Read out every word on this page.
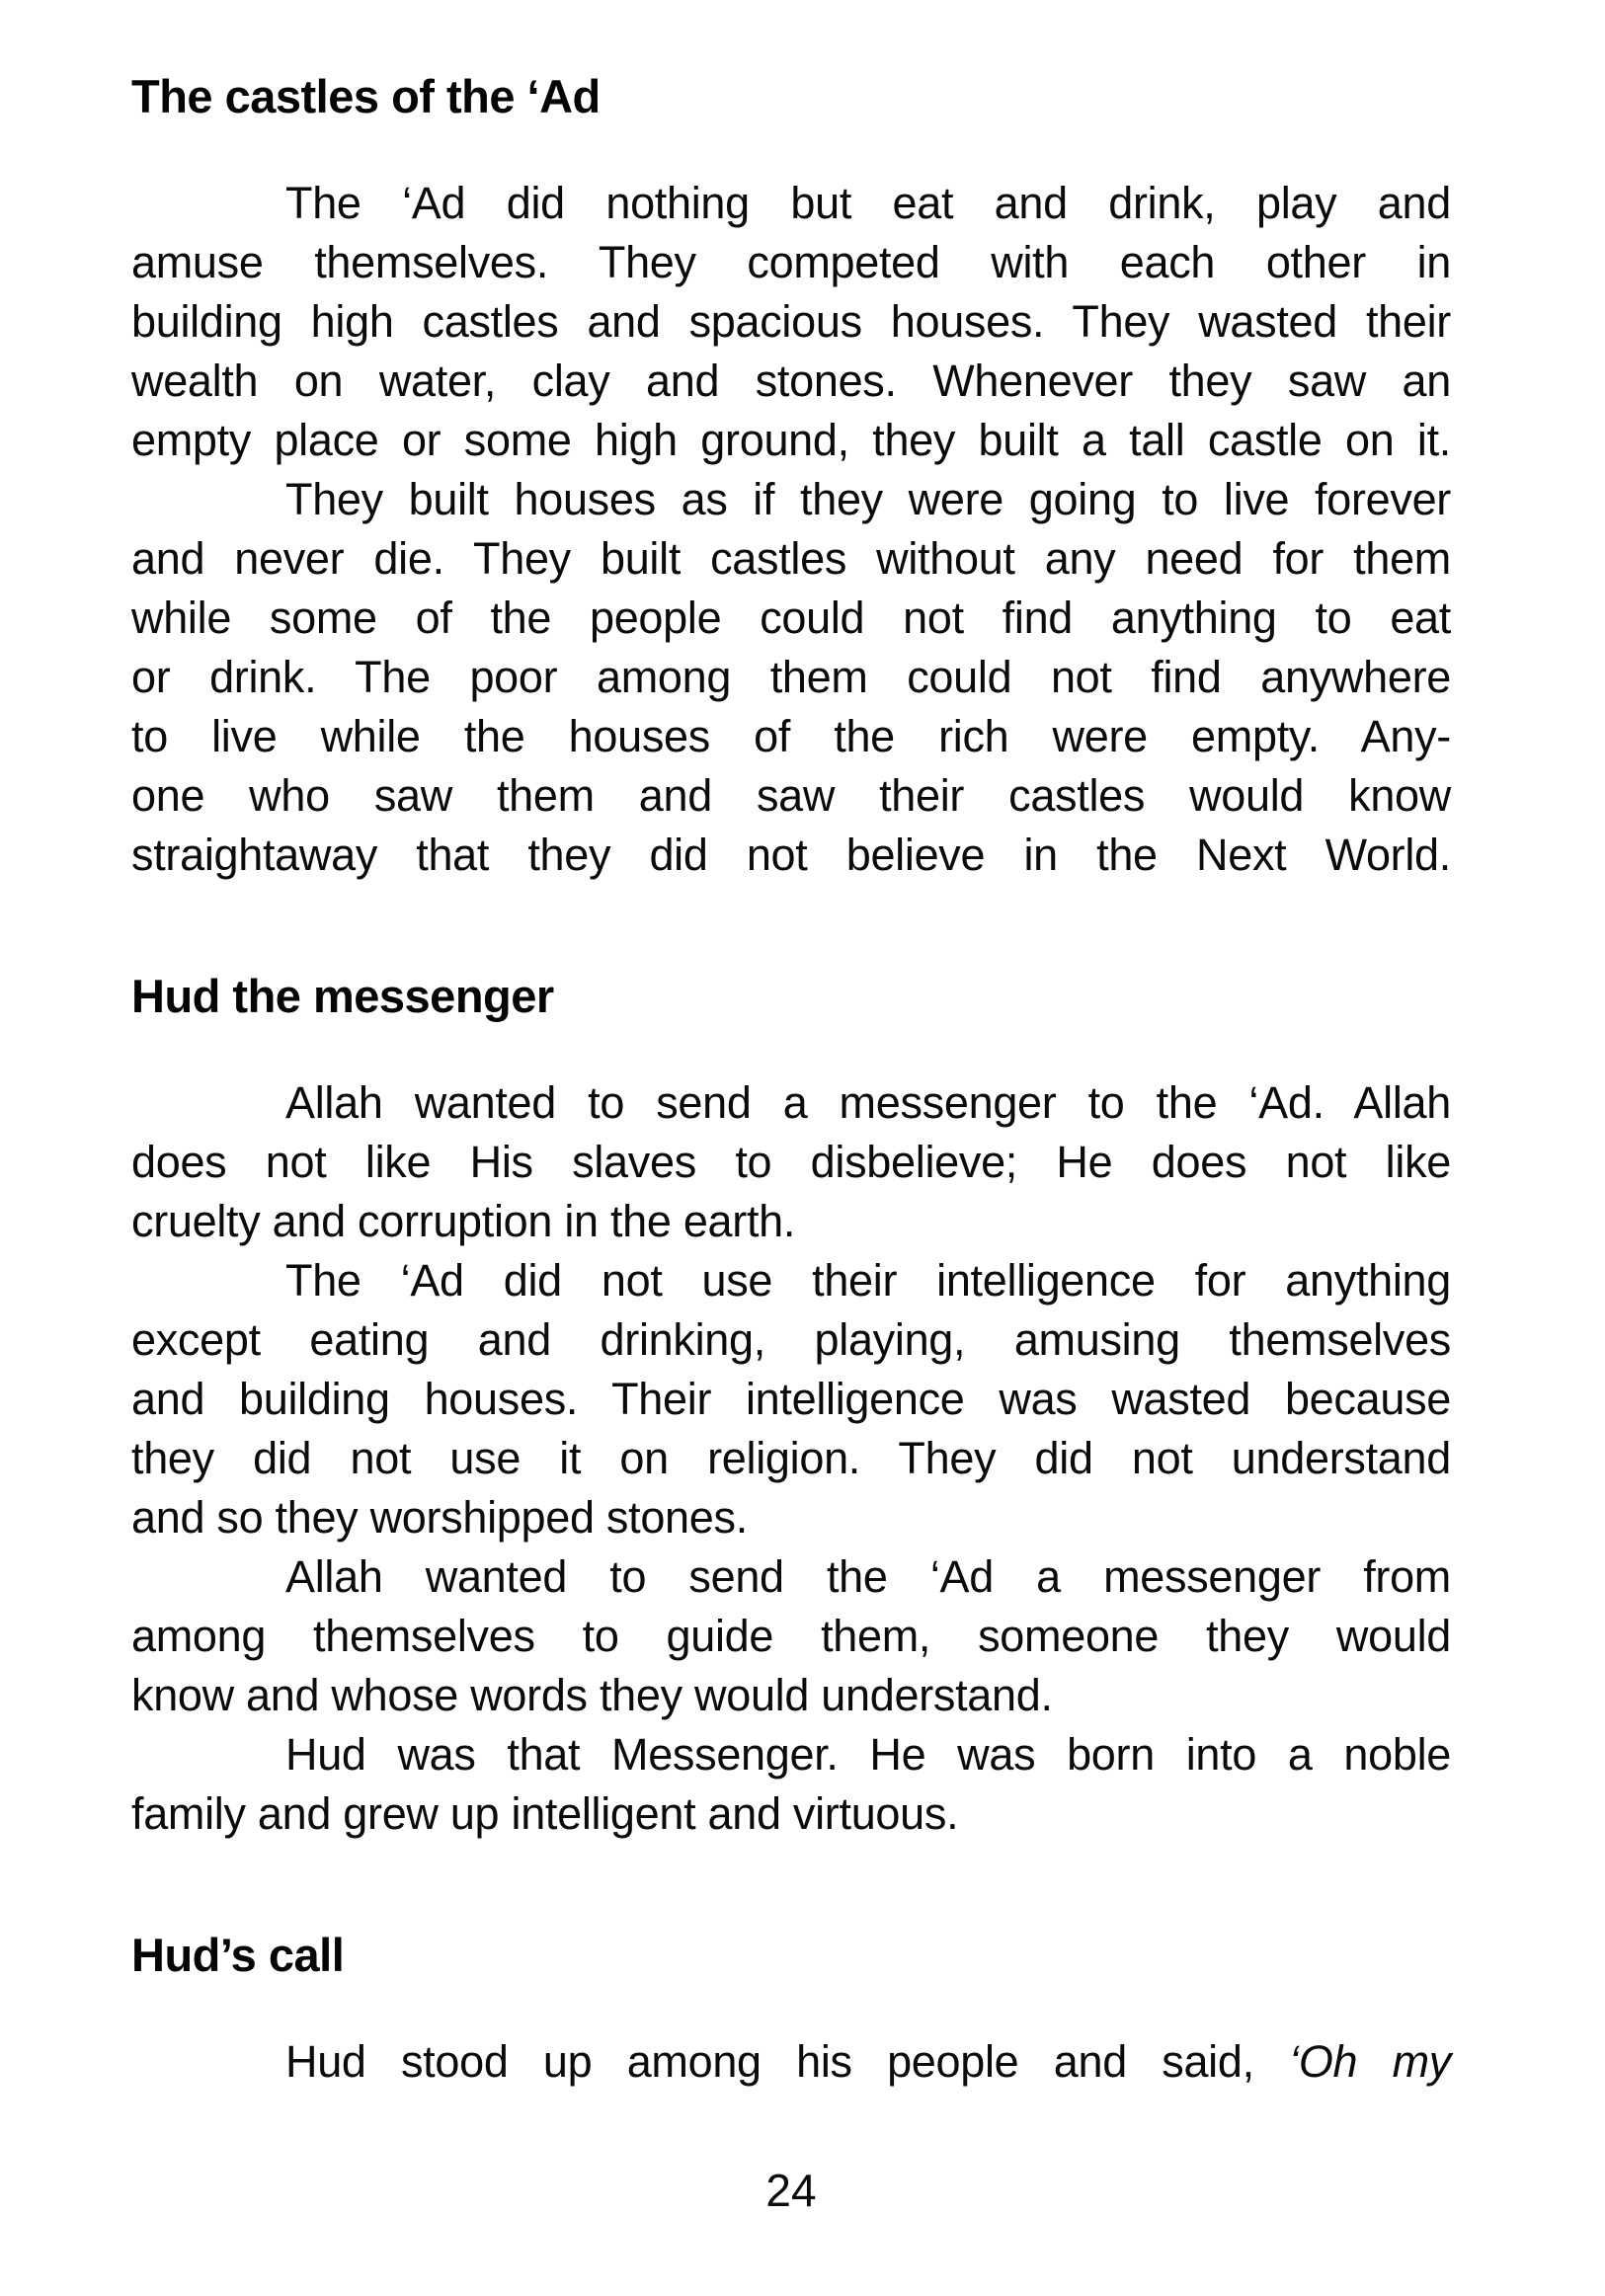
The castles of the ‘Ad
The ‘Ad did nothing but eat and drink, play and
amuse themselves. They competed with each other in
building high castles and spacious houses. They wasted their
wealth on water, clay and stones. Whenever they saw an
empty place or some high ground, they built a tall castle on it.
They built houses as if they were going to live forever
and never die. They built castles without any need for them
while some of the people could not find anything to eat
or drink. The poor among them could not find anywhere
to live while the houses of the rich were empty. Any-
one who saw them and saw their castles would know
straightaway that they did not believe in the Next World.
Hud the messenger
Allah wanted to send a messenger to the ‘Ad. Allah
does not like His slaves to disbelieve; He does not like
cruelty and corruption in the earth.
The ‘Ad did not use their intelligence for anything
except eating and drinking, playing, amusing themselves
and building houses. Their intelligence was wasted because
they did not use it on religion. They did not understand
and so they worshipped stones.
Allah wanted to send the ‘Ad a messenger from
among themselves to guide them, someone they would
know and whose words they would understand.
Hud was that Messenger. He was born into a noble
family and grew up intelligent and virtuous.
Hud’s call
Hud stood up among his people and said, ‘Oh my
24
